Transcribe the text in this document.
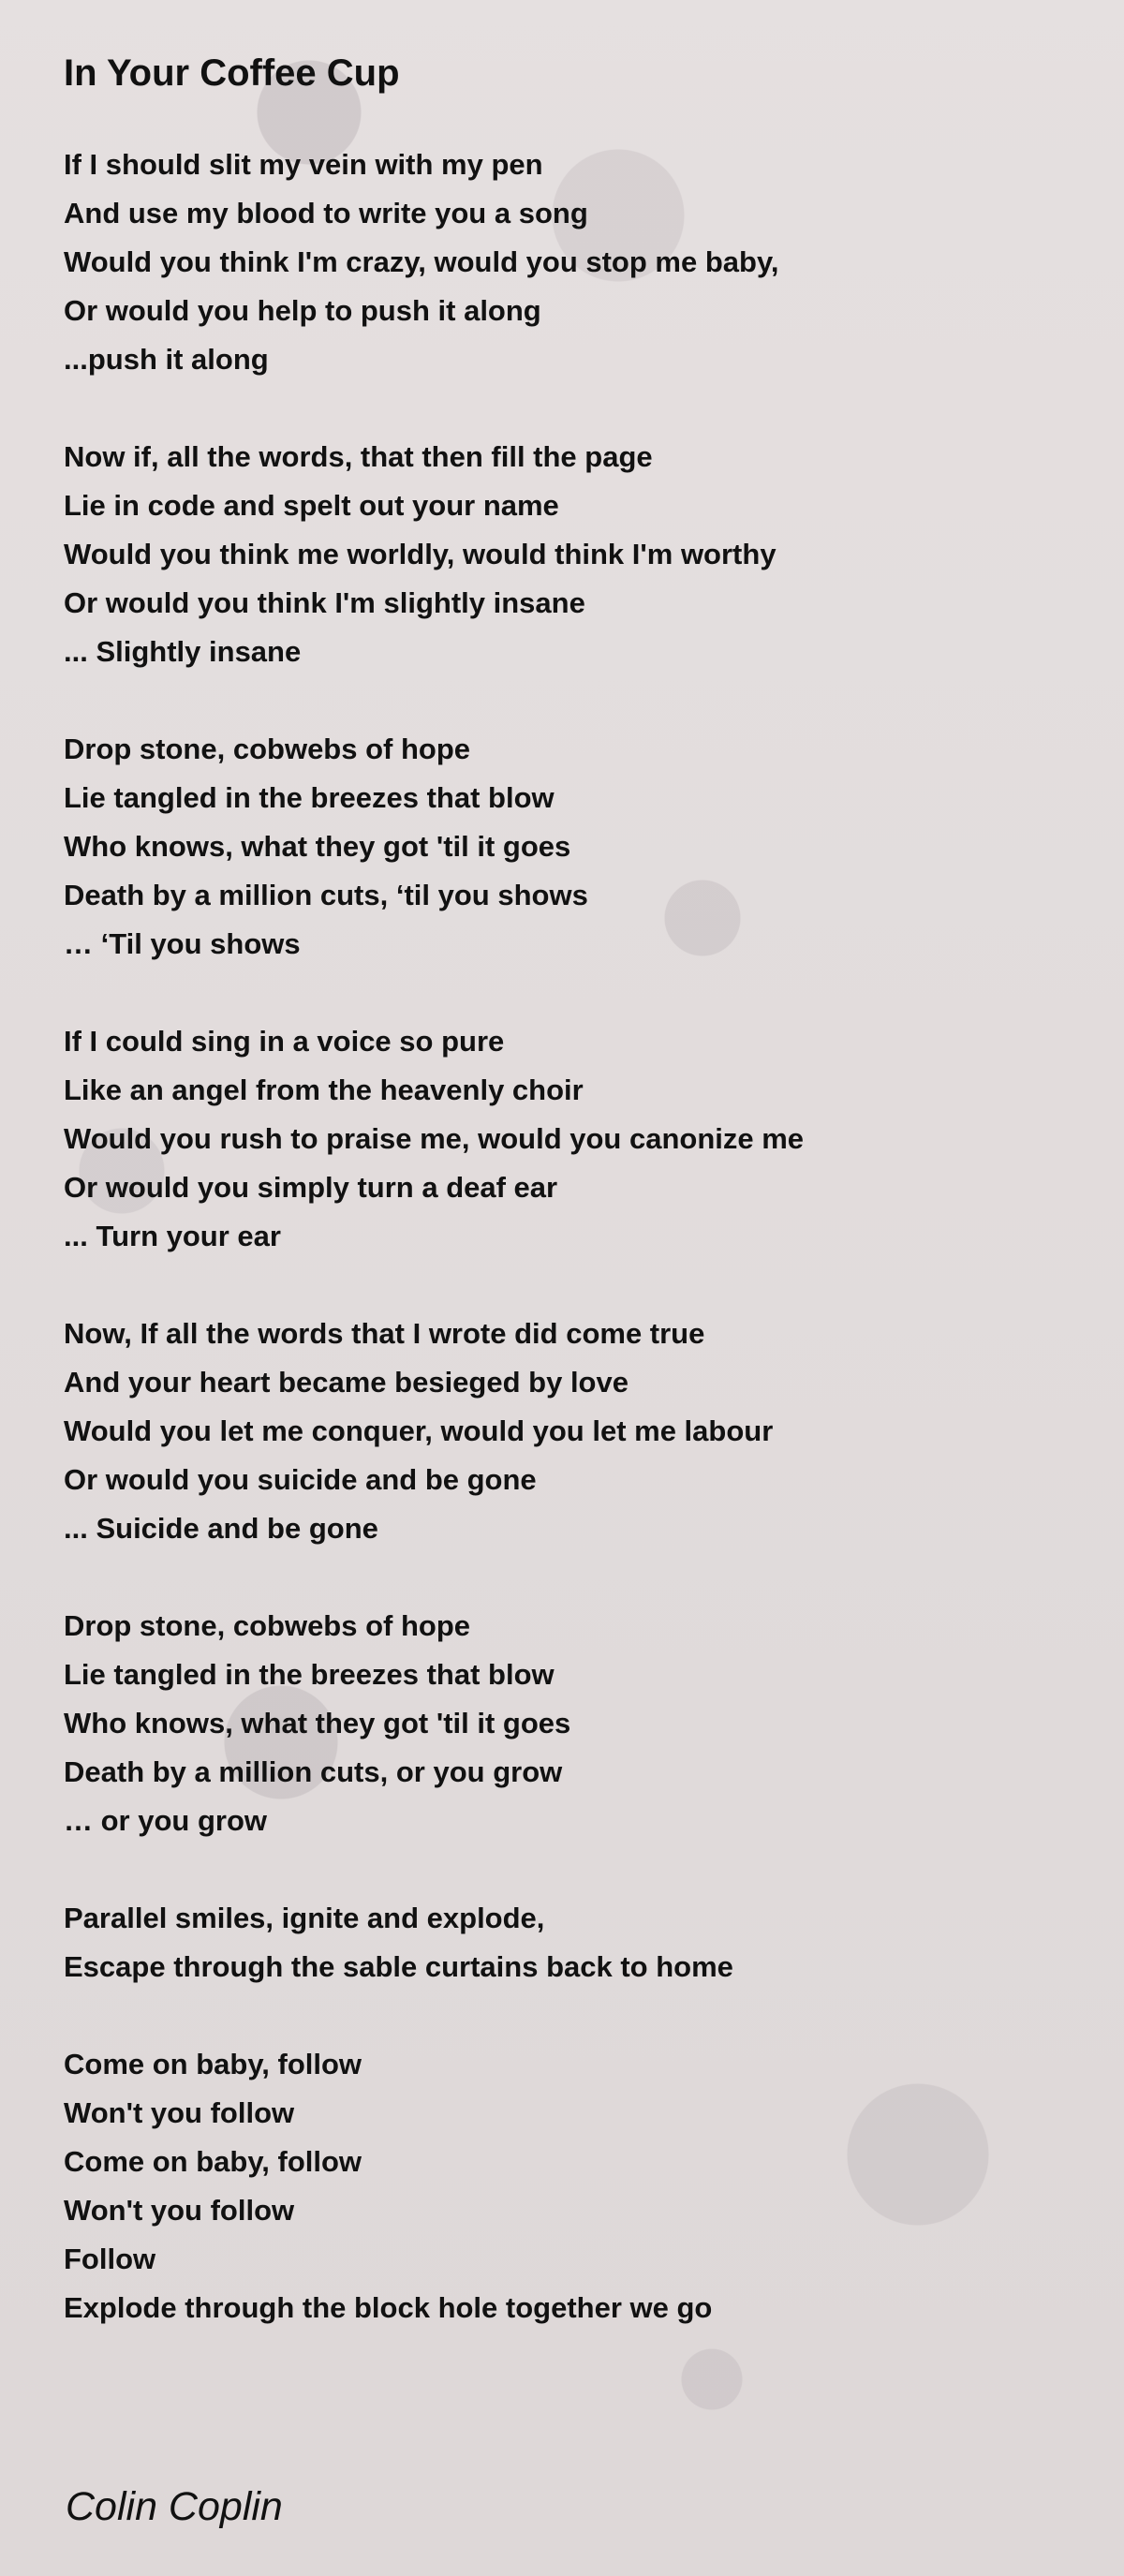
In Your Coffee Cup
If I should slit my vein with my pen
And use my blood to write you a song
Would you think I'm crazy, would you stop me baby,
Or would you help to push it along
...push it along
Now if, all the words, that then fill the page
Lie in code and spelt out your name
Would you think me worldly, would think I'm worthy
Or would you think I'm slightly insane
... Slightly insane
Drop stone, cobwebs of hope
Lie tangled in the breezes that blow
Who knows, what they got 'til it goes
Death by a million cuts, ‘til you shows
… ‘Til you shows
If I could sing in a voice so pure
Like an angel from the heavenly choir
Would you rush to praise me, would you canonize me
Or would you simply turn a deaf ear
... Turn your ear
Now, If all the words that I wrote did come true
And your heart became besieged by love
Would you let me conquer, would you let me labour
Or would you suicide and be gone
... Suicide and be gone
Drop stone, cobwebs of hope
Lie tangled in the breezes that blow
Who knows, what they got 'til it goes
Death by a million cuts, or you grow
… or you grow
Parallel smiles, ignite and explode,
Escape through the sable curtains back to home
Come on baby, follow
Won't you follow
Come on baby, follow
Won't you follow
Follow
Explode through the block hole together we go
Colin Coplin
